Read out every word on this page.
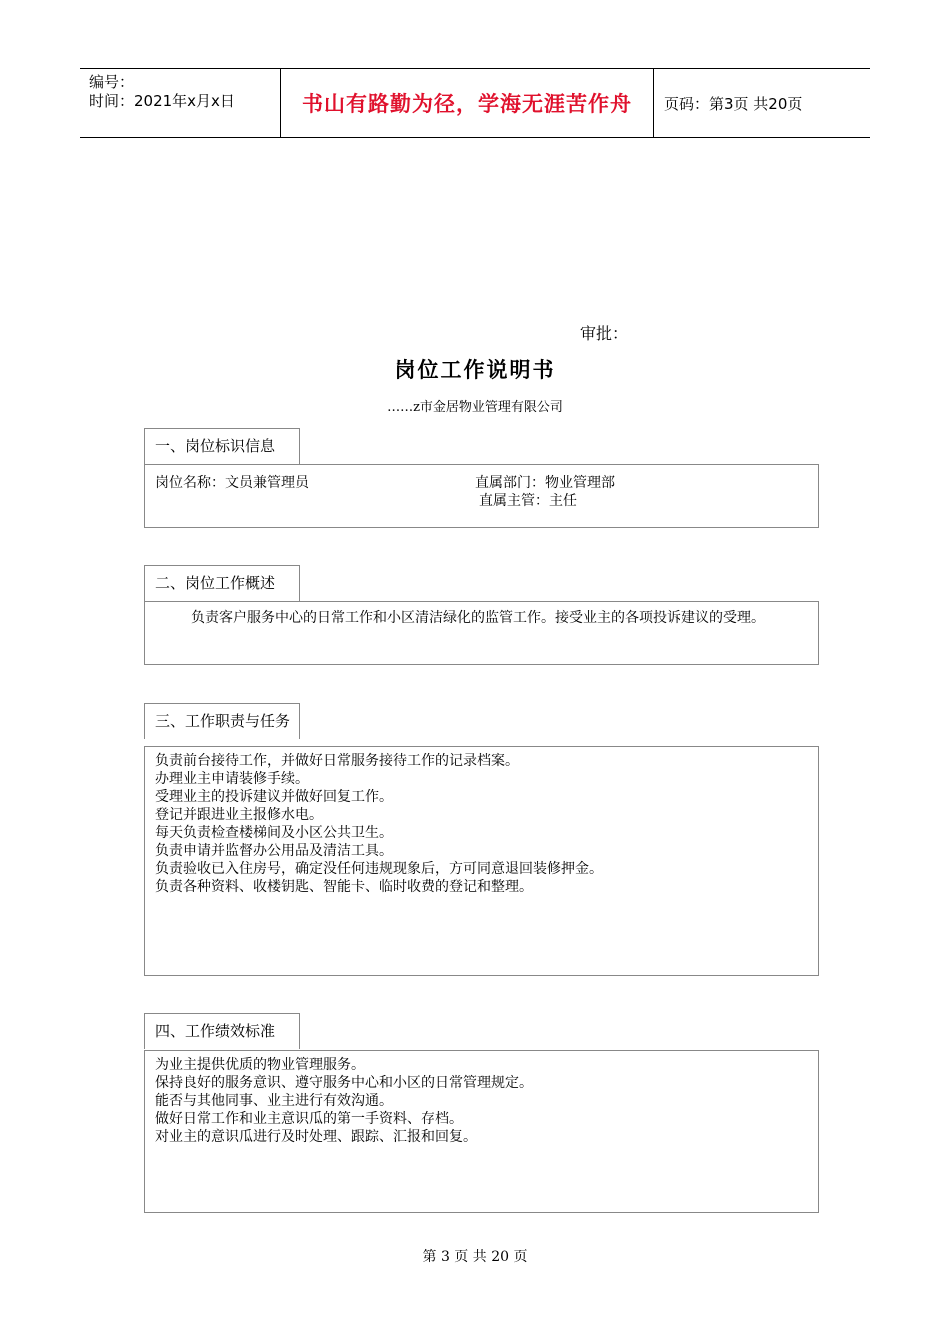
编号：
时间：2021年x月x日	书山有路勤为径，学海无涯苦作舟	页码：第3页 共20页
审批：
岗位工作说明书
……z市金居物业管理有限公司
一、岗位标识信息
岗位名称：文员兼管理员	直属部门：物业管理部
直属主管：主任
二、岗位工作概述
负责客户服务中心的日常工作和小区清洁绿化的监管工作。接受业主的各项投诉建议的受理。
三、工作职责与任务
负责前台接待工作，并做好日常服务接待工作的记录档案。
办理业主申请装修手续。
受理业主的投诉建议并做好回复工作。
登记并跟进业主报修水电。
每天负责检查楼梯间及小区公共卫生。
负责申请并监督办公用品及清洁工具。
负责验收已入住房号，确定没任何违规现象后，方可同意退回装修押金。
负责各种资料、收楼钥匙、智能卡、临时收费的登记和整理。
四、工作绩效标准
为业主提供优质的物业管理服务。
保持良好的服务意识、遵守服务中心和小区的日常管理规定。
能否与其他同事、业主进行有效沟通。
做好日常工作和业主意识瓜的第一手资料、存档。
对业主的意识瓜进行及时处理、跟踪、汇报和回复。
第 3 页 共 20 页
